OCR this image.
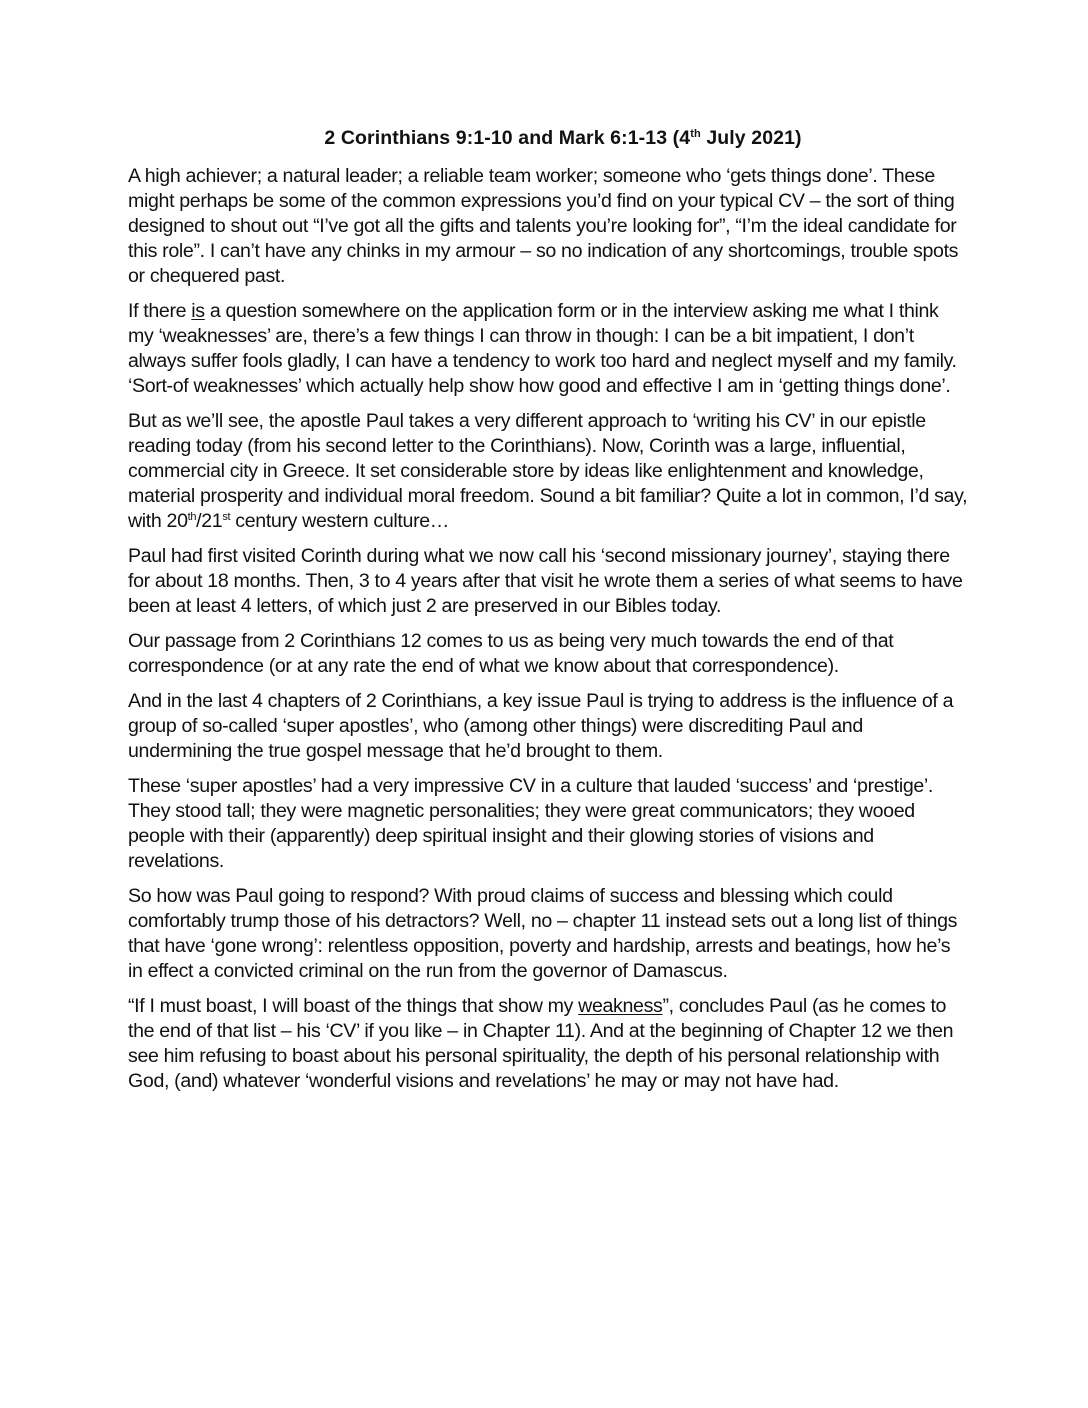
2 Corinthians 9:1-10 and Mark 6:1-13 (4th July 2021)

A high achiever; a natural leader; a reliable team worker; someone who ‘gets things done’. These might perhaps be some of the common expressions you’d find on your typical CV – the sort of thing designed to shout out “I’ve got all the gifts and talents you’re looking for”, “I’m the ideal candidate for this role”. I can’t have any chinks in my armour – so no indication of any shortcomings, trouble spots or chequered past.

If there is a question somewhere on the application form or in the interview asking me what I think my ‘weaknesses’ are, there’s a few things I can throw in though: I can be a bit impatient, I don’t always suffer fools gladly, I can have a tendency to work too hard and neglect myself and my family. ‘Sort-of weaknesses’ which actually help show how good and effective I am in ‘getting things done’.

But as we’ll see, the apostle Paul takes a very different approach to ‘writing his CV’ in our epistle reading today (from his second letter to the Corinthians). Now, Corinth was a large, influential, commercial city in Greece. It set considerable store by ideas like enlightenment and knowledge, material prosperity and individual moral freedom. Sound a bit familiar? Quite a lot in common, I’d say, with 20th/21st century western culture…

Paul had first visited Corinth during what we now call his ‘second missionary journey’, staying there for about 18 months. Then, 3 to 4 years after that visit he wrote them a series of what seems to have been at least 4 letters, of which just 2 are preserved in our Bibles today.

Our passage from 2 Corinthians 12 comes to us as being very much towards the end of that correspondence (or at any rate the end of what we know about that correspondence).

And in the last 4 chapters of 2 Corinthians, a key issue Paul is trying to address is the influence of a group of so-called ‘super apostles’, who (among other things) were discrediting Paul and undermining the true gospel message that he’d brought to them.

These ‘super apostles’ had a very impressive CV in a culture that lauded ‘success’ and ‘prestige’. They stood tall; they were magnetic personalities; they were great communicators; they wooed people with their (apparently) deep spiritual insight and their glowing stories of visions and revelations.

So how was Paul going to respond? With proud claims of success and blessing which could comfortably trump those of his detractors? Well, no – chapter 11 instead sets out a long list of things that have ‘gone wrong’: relentless opposition, poverty and hardship, arrests and beatings, how he’s in effect a convicted criminal on the run from the governor of Damascus.

“If I must boast, I will boast of the things that show my weakness”, concludes Paul (as he comes to the end of that list – his ‘CV’ if you like – in Chapter 11). And at the beginning of Chapter 12 we then see him refusing to boast about his personal spirituality, the depth of his personal relationship with God, (and) whatever ‘wonderful visions and revelations’ he may or may not have had.
